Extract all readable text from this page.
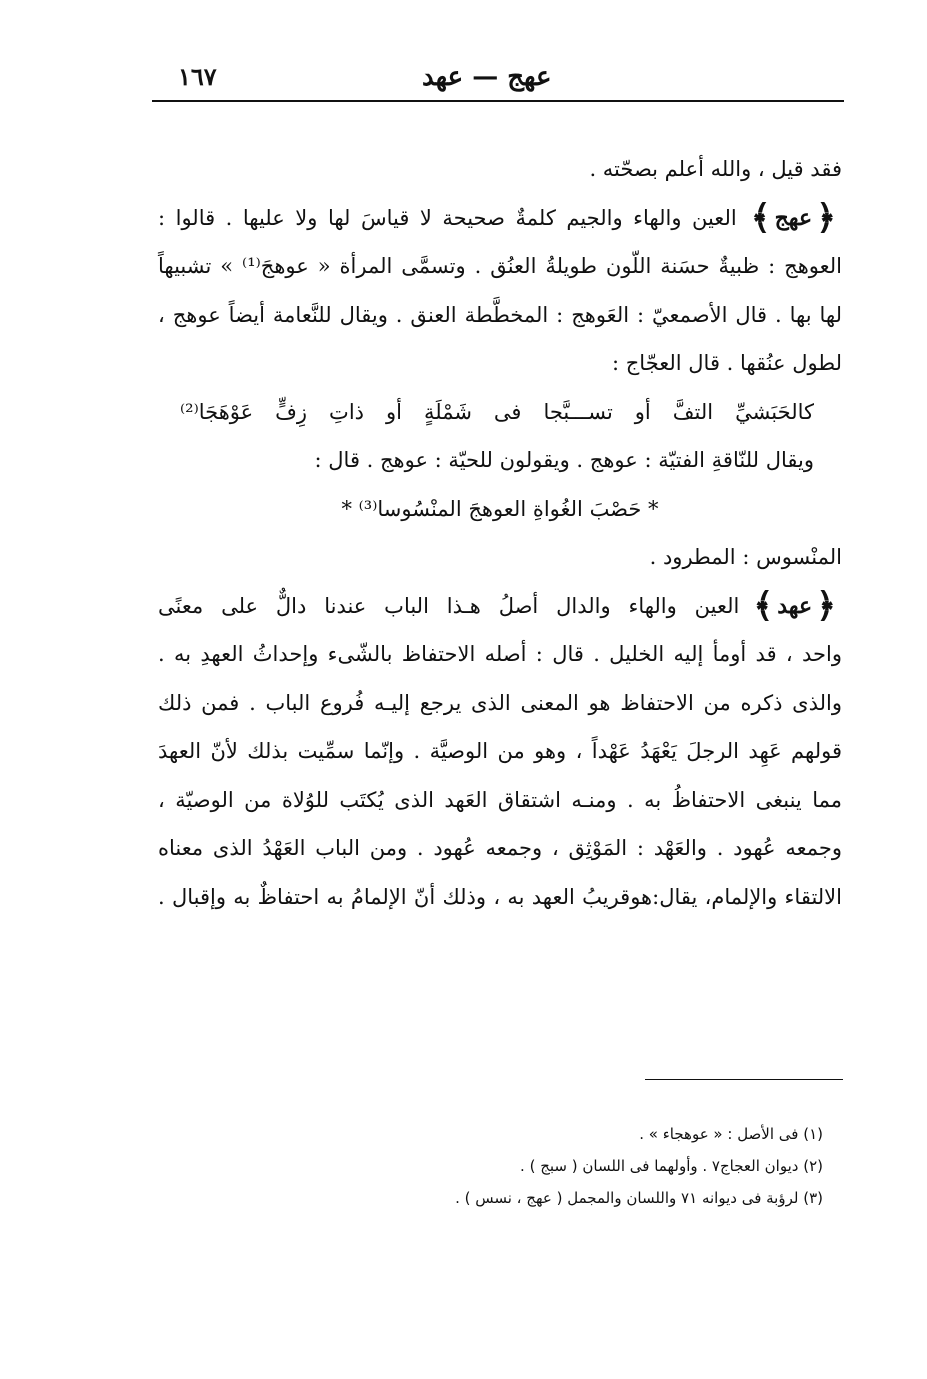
عهج — عهد
١٦٧
فقد قيل ، والله أعلم بصحّته .
﴿ عهج ﴾العين والهاء والجيم كلمةٌ صحيحة لا قياسَ لها ولا عليها . قالوا :
العوهج : ظبيةٌ حسَنة اللّون طويلةُ العنُق . وتسمَّى المرأة « عوهجَ⁽¹⁾ » تشبيهاً
لها بها . قال الأصمعيّ : العَوهج : المخطَّطة العنق . ويقال للنَّعامة أيضاً عوهج ،
لطول عنُقها . قال العجّاج :
كالحَبَشيِّ التفَّ أو تســـبَّجا فى شَمْلَةٍ أو ذاتِ زِفٍّ عَوْهَجَا⁽²⁾
ويقال للنّاقةِ الفتيّة : عوهج . ويقولون للحيّة : عوهج . قال :
* حَصْبَ الغُواةِ العوهجَ المنْسُوسا⁽³⁾ *
المنْسوس : المطرود .
﴿ عهد ﴾العين والهاء والدال أصلُ هـذا الباب عندنا دالٌّ على معنًى
واحد ، قد أومأ إليه الخليل . قال : أصله الاحتفاظ بالشّىء وإحداثُ العهدِ به .
والذى ذكره من الاحتفاظ هو المعنى الذى يرجع إليـه فُروع الباب . فمن ذلك
قولهم عَهِد الرجلَ يَعْهَدُ عَهْداً ، وهو من الوصيَّة . وإنّما سمِّيت بذلك لأنّ العهدَ
مما ينبغى الاحتفاظُ به . ومنـه اشتقاق العَهد الذى يُكتَب للوُلاة من الوصيّة ،
وجمعه عُهود . والعَهْد : المَوْثِق ، وجمعه عُهود . ومن الباب العَهْدُ الذى معناه
الالتقاء والإلمام، يقال:هوقريبُ العهد به ، وذلك أنّ الإلمامُ به احتفاظٌ به وإقبال .
(١) فى الأصل : « عوهجاء » .
(٢) ديوان العجاج٧ . وأولهما فى اللسان ( سبج ) .
(٣) لرؤبة فى ديوانه ٧١ واللسان والمجمل ( عهج ، نسس ) .
